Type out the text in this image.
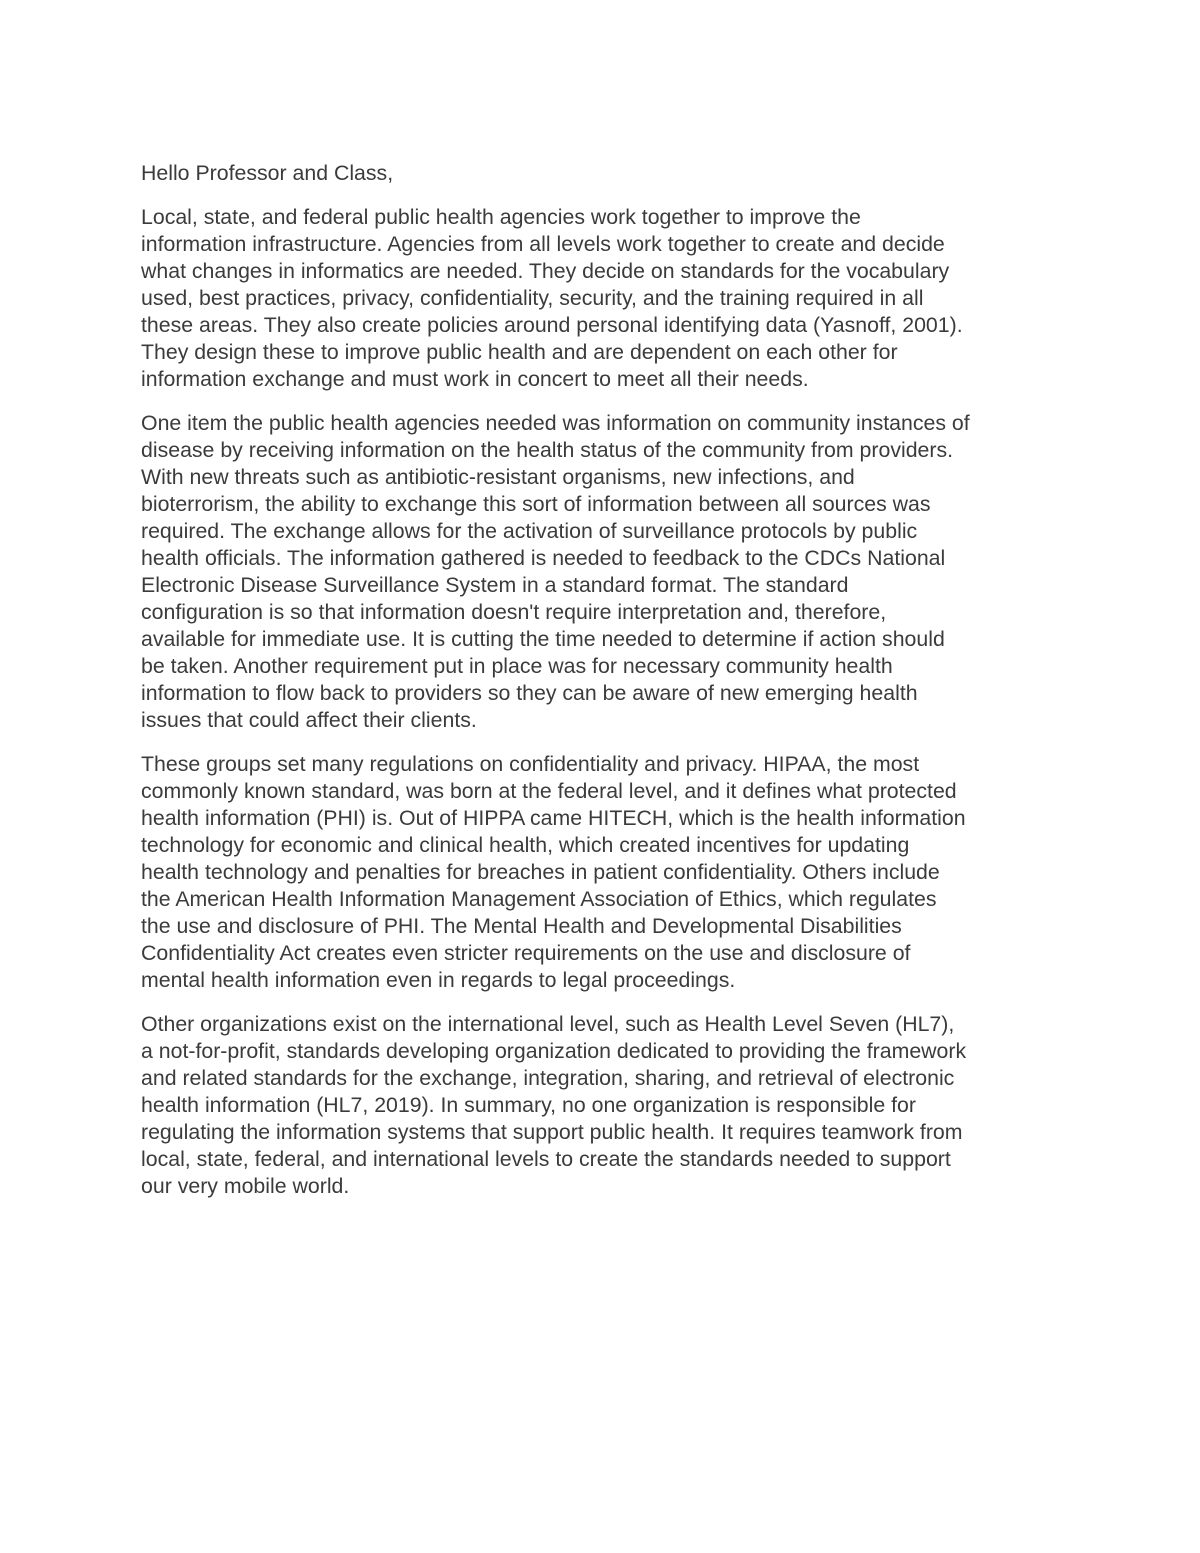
Hello Professor and Class,

Local, state, and federal public health agencies work together to improve the
information infrastructure. Agencies from all levels work together to create and decide
what changes in informatics are needed. They decide on standards for the vocabulary
used, best practices, privacy, confidentiality, security, and the training required in all
these areas. They also create policies around personal identifying data (Yasnoff, 2001).
They design these to improve public health and are dependent on each other for
information exchange and must work in concert to meet all their needs.

One item the public health agencies needed was information on community instances of
disease by receiving information on the health status of the community from providers.
With new threats such as antibiotic-resistant organisms, new infections, and
bioterrorism, the ability to exchange this sort of information between all sources was
required. The exchange allows for the activation of surveillance protocols by public
health officials. The information gathered is needed to feedback to the CDCs National
Electronic Disease Surveillance System in a standard format. The standard
configuration is so that information doesn't require interpretation and, therefore,
available for immediate use. It is cutting the time needed to determine if action should
be taken. Another requirement put in place was for necessary community health
information to flow back to providers so they can be aware of new emerging health
issues that could affect their clients.

These groups set many regulations on confidentiality and privacy. HIPAA, the most
commonly known standard, was born at the federal level, and it defines what protected
health information (PHI) is. Out of HIPPA came HITECH, which is the health information
technology for economic and clinical health, which created incentives for updating
health technology and penalties for breaches in patient confidentiality. Others include
the American Health Information Management Association of Ethics, which regulates
the use and disclosure of PHI. The Mental Health and Developmental Disabilities
Confidentiality Act creates even stricter requirements on the use and disclosure of
mental health information even in regards to legal proceedings.

Other organizations exist on the international level, such as Health Level Seven (HL7),
a not-for-profit, standards developing organization dedicated to providing the framework
and related standards for the exchange, integration, sharing, and retrieval of electronic
health information (HL7, 2019). In summary, no one organization is responsible for
regulating the information systems that support public health. It requires teamwork from
local, state, federal, and international levels to create the standards needed to support
our very mobile world.
